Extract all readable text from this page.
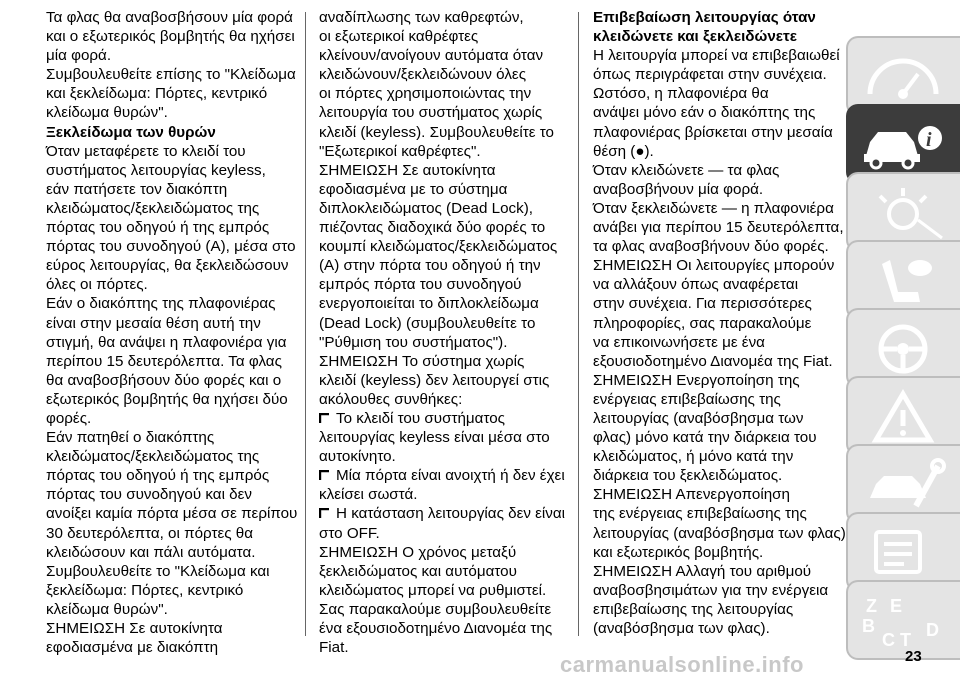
Τα φλας θα αναβοσβήσουν μία φορά
και ο εξωτερικός βομβητής θα ηχήσει
μία φορά.
Συμβουλευθείτε επίσης το "Κλείδωμα
και ξεκλείδωμα: Πόρτες, κεντρικό
κλείδωμα θυρών".
Ξεκλείδωμα των θυρών
Όταν μεταφέρετε το κλειδί του
συστήματος λειτουργίας keyless,
εάν πατήσετε τον διακόπτη
κλειδώματος/ξεκλειδώματος της
πόρτας του οδηγού ή της εμπρός
πόρτας του συνοδηγού (A), μέσα στο
εύρος λειτουργίας, θα ξεκλειδώσουν
όλες οι πόρτες.
Εάν ο διακόπτης της πλαφονιέρας
είναι στην μεσαία θέση αυτή την
στιγμή, θα ανάψει η πλαφονιέρα για
περίπου 15 δευτερόλεπτα. Τα φλας
θα αναβοσβήσουν δύο φορές και ο
εξωτερικός βομβητής θα ηχήσει δύο
φορές.
Εάν πατηθεί ο διακόπτης
κλειδώματος/ξεκλειδώματος της
πόρτας του οδηγού ή της εμπρός
πόρτας του συνοδηγού και δεν
ανοίξει καμία πόρτα μέσα σε περίπου
30 δευτερόλεπτα, οι πόρτες θα
κλειδώσουν και πάλι αυτόματα.
Συμβουλευθείτε το "Κλείδωμα και
ξεκλείδωμα: Πόρτες, κεντρικό
κλείδωμα θυρών".
ΣΗΜΕΙΩΣΗ Σε αυτοκίνητα
εφοδιασμένα με διακόπτη
αναδίπλωσης των καθρεφτών,
οι εξωτερικοί καθρέφτες
κλείνουν/ανοίγουν αυτόματα όταν
κλειδώνουν/ξεκλειδώνουν όλες
οι πόρτες χρησιμοποιώντας την
λειτουργία του συστήματος χωρίς
κλειδί (keyless). Συμβουλευθείτε το
"Εξωτερικοί καθρέφτες".
ΣΗΜΕΙΩΣΗ Σε αυτοκίνητα
εφοδιασμένα με το σύστημα
διπλοκλειδώματος (Dead Lock),
πιέζοντας διαδοχικά δύο φορές το
κουμπί κλειδώματος/ξεκλειδώματος
(A) στην πόρτα του οδηγού ή την
εμπρός πόρτα του συνοδηγού
ενεργοποιείται το διπλοκλείδωμα
(Dead Lock) (συμβουλευθείτε το
"Ρύθμιση του συστήματος").
ΣΗΜΕΙΩΣΗ Το σύστημα χωρίς
κλειδί (keyless) δεν λειτουργεί στις
ακόλουθες συνθήκες:
Το κλειδί του συστήματος
λειτουργίας keyless είναι μέσα στο
αυτοκίνητο.
Μία πόρτα είναι ανοιχτή ή δεν έχει
κλείσει σωστά.
Η κατάσταση λειτουργίας δεν είναι
στο OFF.
ΣΗΜΕΙΩΣΗ Ο χρόνος μεταξύ
ξεκλειδώματος και αυτόματου
κλειδώματος μπορεί να ρυθμιστεί.
Σας παρακαλούμε συμβουλευθείτε
ένα εξουσιοδοτημένο Διανομέα της
Fiat.
Επιβεβαίωση λειτουργίας όταν
κλειδώνετε και ξεκλειδώνετε
Η λειτουργία μπορεί να επιβεβαιωθεί
όπως περιγράφεται στην συνέχεια.
Ωστόσο, η πλαφονιέρα θα
ανάψει μόνο εάν ο διακόπτης της
πλαφονιέρας βρίσκεται στην μεσαία
θέση (●).
Όταν κλειδώνετε — τα φλας
αναβοσβήνουν μία φορά.
Όταν ξεκλειδώνετε — η πλαφονιέρα
ανάβει για περίπου 15 δευτερόλεπτα,
τα φλας αναβοσβήνουν δύο φορές.
ΣΗΜΕΙΩΣΗ Οι λειτουργίες μπορούν
να αλλάξουν όπως αναφέρεται
στην συνέχεια. Για περισσότερες
πληροφορίες, σας παρακαλούμε
να επικοινωνήσετε με ένα
εξουσιοδοτημένο Διανομέα της Fiat.
ΣΗΜΕΙΩΣΗ Ενεργοποίηση της
ενέργειας επιβεβαίωσης της
λειτουργίας (αναβόσβησμα των
φλας) μόνο κατά την διάρκεια του
κλειδώματος, ή μόνο κατά την
διάρκεια του ξεκλειδώματος.
ΣΗΜΕΙΩΣΗ Απενεργοποίηση
της ενέργειας επιβεβαίωσης της
λειτουργίας (αναβόσβησμα των φλας)
και εξωτερικός βομβητής.
ΣΗΜΕΙΩΣΗ Αλλαγή του αριθμού
αναβοσβησιμάτων για την ενέργεια
επιβεβαίωσης της λειτουργίας
(αναβόσβησμα των φλας).
i
Z E
B
C T D
carmanualsonline.info	23
